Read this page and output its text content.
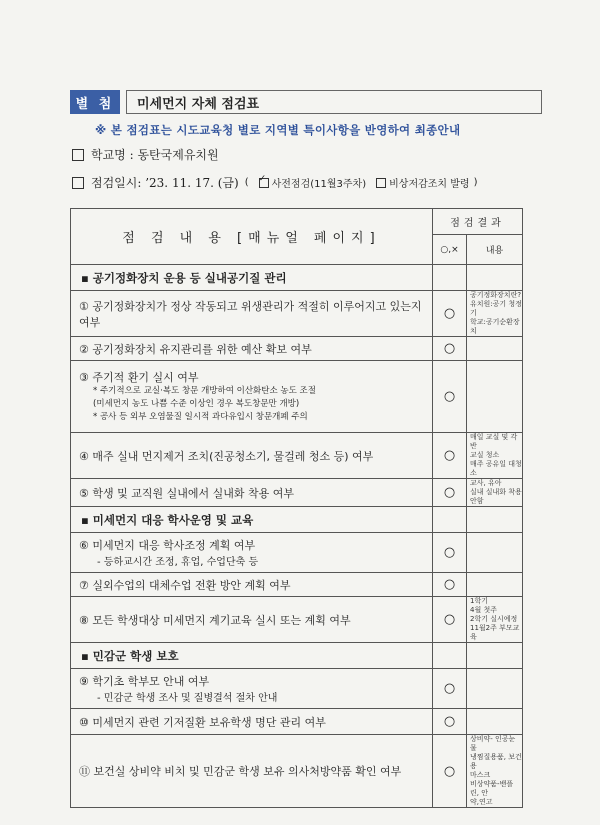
별 첨	미세먼지 자체 점검표
※ 본 점검표는 시도교육청 별로 지역별 특이사항을 반영하여 최종안내
학교명 : 동탄국제유치원
점검일시: ’23. 11. 17. (금) ( ✓ 사전점검(11월3주차) 비상저감조치 발령 )
점 검 내 용 [매뉴얼 페이지]	점검결과	
	○,×	내용
▪ 공기정화장치 운용 등 실내공기질 관리		

① 공기정화장치가 정상 작동되고 위생관리가 적절히 이루어지고 있는지 여부	○	공기정화장치란?
유치원:공기 청정기
학교:공기순환장치

② 공기정화장치 유지관리를 위한 예산 확보 여부	○	

③ 주기적 환기 실시 여부
* 주기적으로 교실·복도 창문 개방하여 이산화탄소 농도 조절
(미세먼지 농도 나쁨 수준 이상인 경우 복도창문만 개방)
* 공사 등 외부 오염물질 일시적 과다유입시 창문개폐 주의	○	

④ 매주 실내 먼지제거 조치(진공청소기, 물걸레 청소 등) 여부	○	매일 교실 및 각반
교실 청소
매주 공유일 대청소

⑤ 학생 및 교직원 실내에서 실내화 착용 여부	○	교사, 유아
실내 실내화 착용 안함

▪ 미세먼지 대응 학사운영 및 교육		

⑥ 미세먼지 대응 학사조정 계획 여부
- 등하교시간 조정, 휴업, 수업단축 등	○	

⑦ 실외수업의 대체수업 전환 방안 계획 여부	○	

⑧ 모든 학생대상 미세먼지 계기교육 실시 또는 계획 여부	○	1학기
4월 첫주
2학기 실시예정
11월2주 부모교육

▪ 민감군 학생 보호		

⑨ 학기초 학부모 안내 여부
- 민감군 학생 조사 및 질병결석 절차 안내	○	

⑩ 미세먼지 관련 기저질환 보유학생 명단 관리 여부	○	

⑪ 보건실 상비약 비치 및 민감군 학생 보유 의사처방약품 확인 여부	○	상비약- 인공눈물
냉찜질용품, 보건용
마스크
비상약품-밴플린, 안
약,연고
